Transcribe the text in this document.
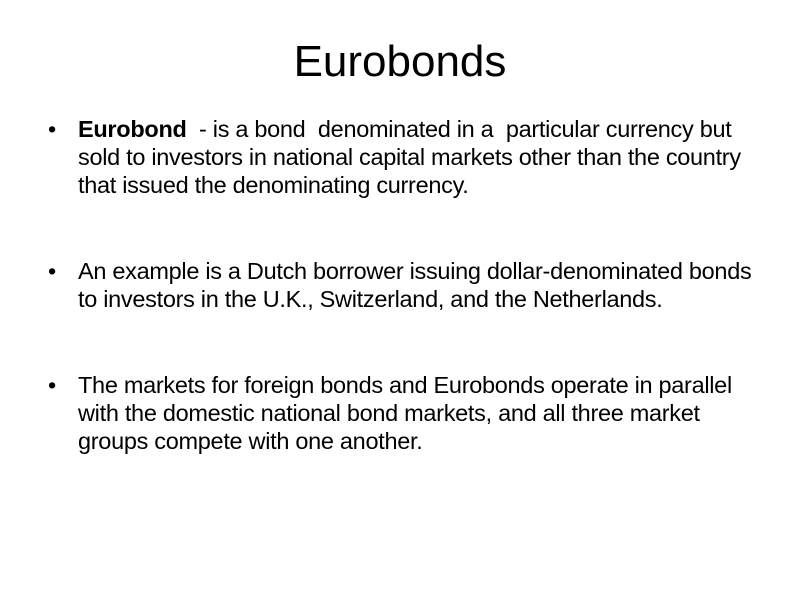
Eurobonds
• Eurobond  - is a bond  denominated in a  particular currency but sold to investors in national capital markets other than the country that issued the denominating currency.
• An example is a Dutch borrower issuing dollar-denominated bonds to investors in the U.K., Switzerland, and the Netherlands.
• The markets for foreign bonds and Eurobonds operate in parallel with the domestic national bond markets, and all three market groups compete with one another.
